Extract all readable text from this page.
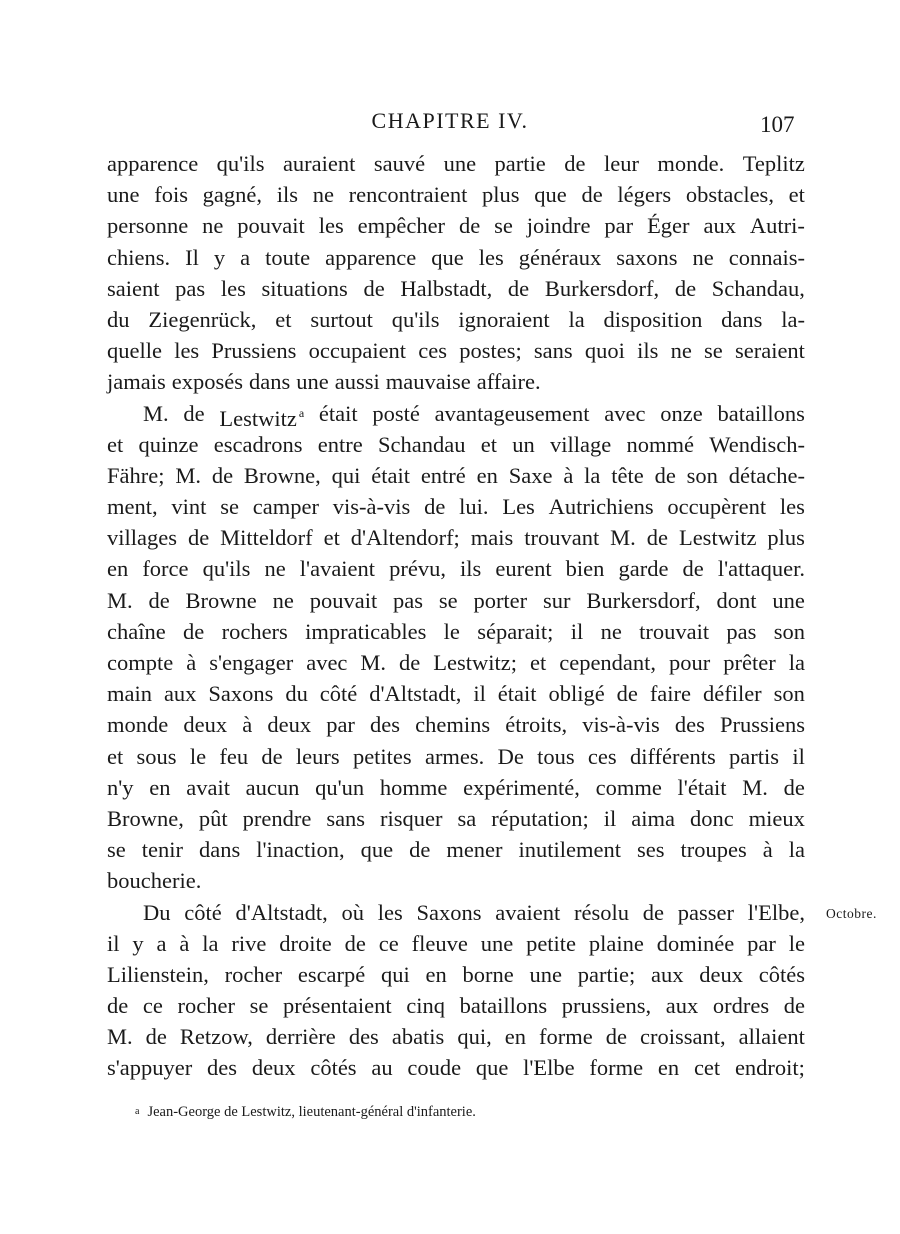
CHAPITRE IV.	107
apparence qu'ils auraient sauvé une partie de leur monde. Teplitz
une fois gagné, ils ne rencontraient plus que de légers obstacles, et
personne ne pouvait les empêcher de se joindre par Éger aux Autri-
chiens. Il y a toute apparence que les généraux saxons ne connais-
saient pas les situations de Halbstadt, de Burkersdorf, de Schandau,
du Ziegenrück, et surtout qu'ils ignoraient la disposition dans la-
quelle les Prussiens occupaient ces postes; sans quoi ils ne se seraient
jamais exposés dans une aussi mauvaise affaire.
M. de Lestwitz $^a$ était posté avantageusement avec onze bataillons
et quinze escadrons entre Schandau et un village nommé Wendisch-
Fähre; M. de Browne, qui était entré en Saxe à la tête de son détache-
ment, vint se camper vis-à-vis de lui. Les Autrichiens occupèrent les
villages de Mitteldorf et d'Altendorf; mais trouvant M. de Lestwitz plus
en force qu'ils ne l'avaient prévu, ils eurent bien garde de l'attaquer.
M. de Browne ne pouvait pas se porter sur Burkersdorf, dont une
chaîne de rochers impraticables le séparait; il ne trouvait pas son
compte à s'engager avec M. de Lestwitz; et cependant, pour prêter la
main aux Saxons du côté d'Altstadt, il était obligé de faire défiler son
monde deux à deux par des chemins étroits, vis-à-vis des Prussiens
et sous le feu de leurs petites armes. De tous ces différents partis il
n'y en avait aucun qu'un homme expérimenté, comme l'était M. de
Browne, pût prendre sans risquer sa réputation; il aima donc mieux
se tenir dans l'inaction, que de mener inutilement ses troupes à la
boucherie.
Du côté d'Altstadt, où les Saxons avaient résolu de passer l'Elbe,
il y a à la rive droite de ce fleuve une petite plaine dominée par le
Lilienstein, rocher escarpé qui en borne une partie; aux deux côtés
de ce rocher se présentaient cinq bataillons prussiens, aux ordres de
M. de Retzow, derrière des abatis qui, en forme de croissant, allaient
s'appuyer des deux côtés au coude que l'Elbe forme en cet endroit;
Octobre.
a Jean-George de Lestwitz, lieutenant-général d'infanterie.
